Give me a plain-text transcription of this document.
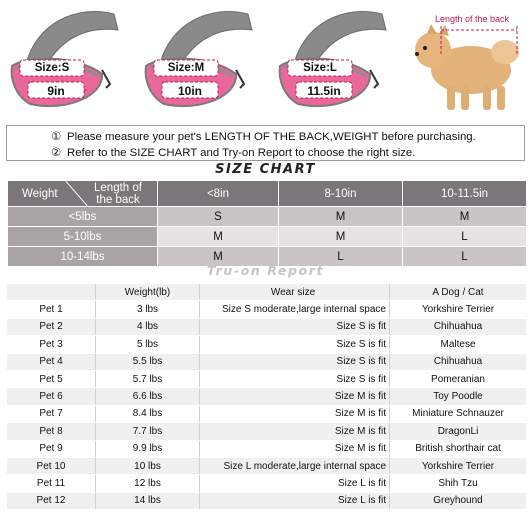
Size:S
9in
Size:M
10in
Size:L
11.5in
Length of the back
① Please measure your pet's LENGTH OF THE BACK,WEIGHT before purchasing.
② Refer to the SIZE CHART and Try-on Report to choose the right size.
SIZE CHART
Weight Length of the back	<8in	8-10in	10-11.5in
<5lbs	S	M	M
5-10lbs	M	M	L
10-14lbs	M	L	L
Tru-on Report
	Weight(lb)	Wear size	A Dog / Cat
Pet 1	3 lbs	Size S moderate,large internal space	Yorkshire Terrier
Pet 2	4 lbs	Size S is fit	Chihuahua
Pet 3	5 lbs	Size S is fit	Maltese
Pet 4	5.5 lbs	Size S is fit	Chihuahua
Pet 5	5.7 lbs	Size S is fit	Pomeranian
Pet 6	6.6 lbs	Size M is fit	Toy Poodle
Pet 7	8.4 lbs	Size M is fit	Miniature Schnauzer
Pet 8	7.7 lbs	Size M is fit	DragonLi
Pet 9	9.9 lbs	Size M is fit	British shorthair cat
Pet 10	10 lbs	Size L moderate,large internal space	Yorkshire Terrier
Pet 11	12 lbs	Size L is fit	Shih Tzu
Pet 12	14 lbs	Size L is fit	Greyhound
